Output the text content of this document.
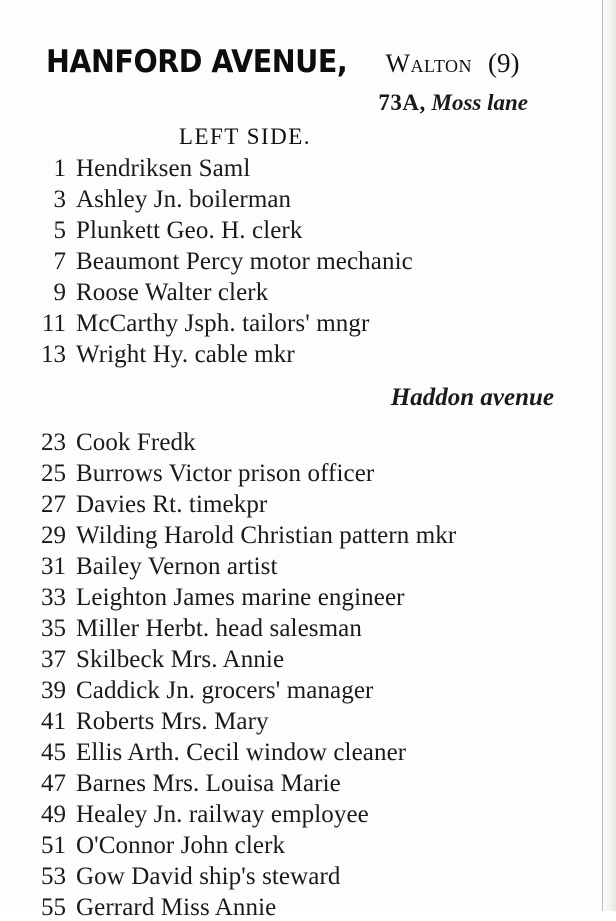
HANFORD AVENUE, Walton (9)
73A, Moss lane
LEFT SIDE.
1 Hendriksen Saml
3 Ashley Jn. boilerman
5 Plunkett Geo. H. clerk
7 Beaumont Percy motor mechanic
9 Roose Walter clerk
11 McCarthy Jsph. tailors' mngr
13 Wright Hy. cable mkr
Haddon avenue
23 Cook Fredk
25 Burrows Victor prison officer
27 Davies Rt. timekpr
29 Wilding Harold Christian pattern mkr
31 Bailey Vernon artist
33 Leighton James marine engineer
35 Miller Herbt. head salesman
37 Skilbeck Mrs. Annie
39 Caddick Jn. grocers' manager
41 Roberts Mrs. Mary
45 Ellis Arth. Cecil window cleaner
47 Barnes Mrs. Louisa Marie
49 Healey Jn. railway employee
51 O'Connor John clerk
53 Gow David ship's steward
55 Gerrard Miss Annie
